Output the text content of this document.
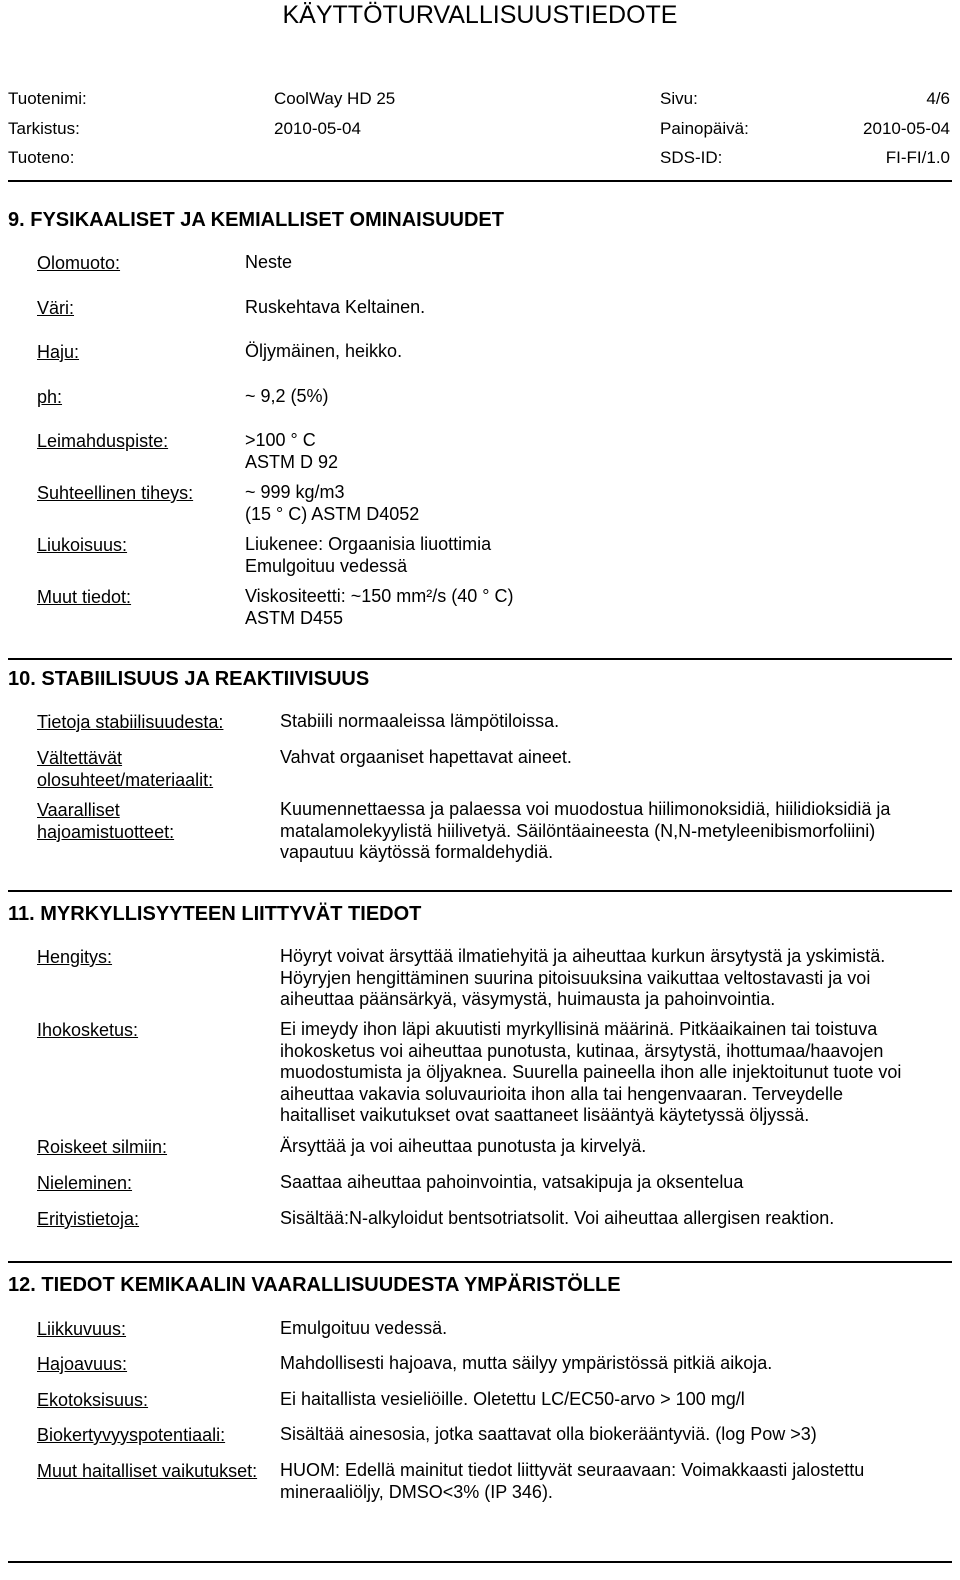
KÄYTTÖTURVALLISUUSTIEDOTE
Tuotenimi:	CoolWay HD 25	Sivu:	4/6
Tarkistus:	2010-05-04	Painopäivä:	2010-05-04
Tuoteno:	SDS-ID:	FI-FI/1.0
9. FYSIKAALISET JA KEMIALLISET OMINAISUUDET
Olomuoto:	Neste
Väri:	Ruskehtava Keltainen.
Haju:	Öljymäinen, heikko.
ph:	~ 9,2 (5%)
Leimahduspiste:	>100 ° C
ASTM D 92
Suhteellinen tiheys:	~ 999 kg/m3
(15 ° C) ASTM D4052
Liukoisuus:	Liukenee: Orgaanisia liuottimia
Emulgoituu vedessä
Muut tiedot:	Viskositeetti: ~150 mm²/s (40 ° C)
ASTM D455
10. STABIILISUUS JA REAKTIIVISUUS
Tietoja stabiilisuudesta:	Stabiili normaaleissa lämpötiloissa.
Vältettävät
olosuhteet/materiaalit:
Vahvat orgaaniset hapettavat aineet.
Vaaralliset
hajoamistuotteet:
Kuumennettaessa ja palaessa voi muodostua hiilimonoksidiä, hiilidioksidiä ja
matalamolekyylistä hiilivetyä. Säilöntäaineesta (N,N-metyleenibismorfoliini)
vapautuu käytössä formaldehydiä.
11. MYRKYLLISYYTEEN LIITTYVÄT TIEDOT
Hengitys:	Höyryt voivat ärsyttää ilmatiehyitä ja aiheuttaa kurkun ärsytystä ja yskimistä.
Höyryjen hengittäminen suurina pitoisuuksina vaikuttaa veltostavasti ja voi
aiheuttaa päänsärkyä, väsymystä, huimausta ja pahoinvointia.
Ihokosketus:	Ei imeydy ihon läpi akuutisti myrkyllisinä määrinä. Pitkäaikainen tai toistuva
ihokosketus voi aiheuttaa punotusta, kutinaa, ärsytystä, ihottumaa/haavojen
muodostumista ja öljyaknea. Suurella paineella ihon alle injektoitunut tuote voi
aiheuttaa vakavia soluvaurioita ihon alla tai hengenvaaran. Terveydelle
haitalliset vaikutukset ovat saattaneet lisääntyä käytetyssä öljyssä.
Roiskeet silmiin:	Ärsyttää ja voi aiheuttaa punotusta ja kirvelyä.
Nieleminen:	Saattaa aiheuttaa pahoinvointia, vatsakipuja ja oksentelua
Erityistietoja:	Sisältää:N-alkyloidut bentsotriatsolit. Voi aiheuttaa allergisen reaktion.
12. TIEDOT KEMIKAALIN VAARALLISUUDESTA YMPÄRISTÖLLE
Liikkuvuus:	Emulgoituu vedessä.
Hajoavuus:	Mahdollisesti hajoava, mutta säilyy ympäristössä pitkiä aikoja.
Ekotoksisuus:	Ei haitallista vesieliöille. Oletettu LC/EC50-arvo > 100 mg/l
Biokertyvyyspotentiaali:	Sisältää ainesosia, jotka saattavat olla biokerääntyviä. (log Pow >3)
Muut haitalliset vaikutukset: HUOM: Edellä mainitut tiedot liittyvät seuraavaan: Voimakkaasti jalostettu
mineraaliöljy, DMSO<3% (IP 346).
